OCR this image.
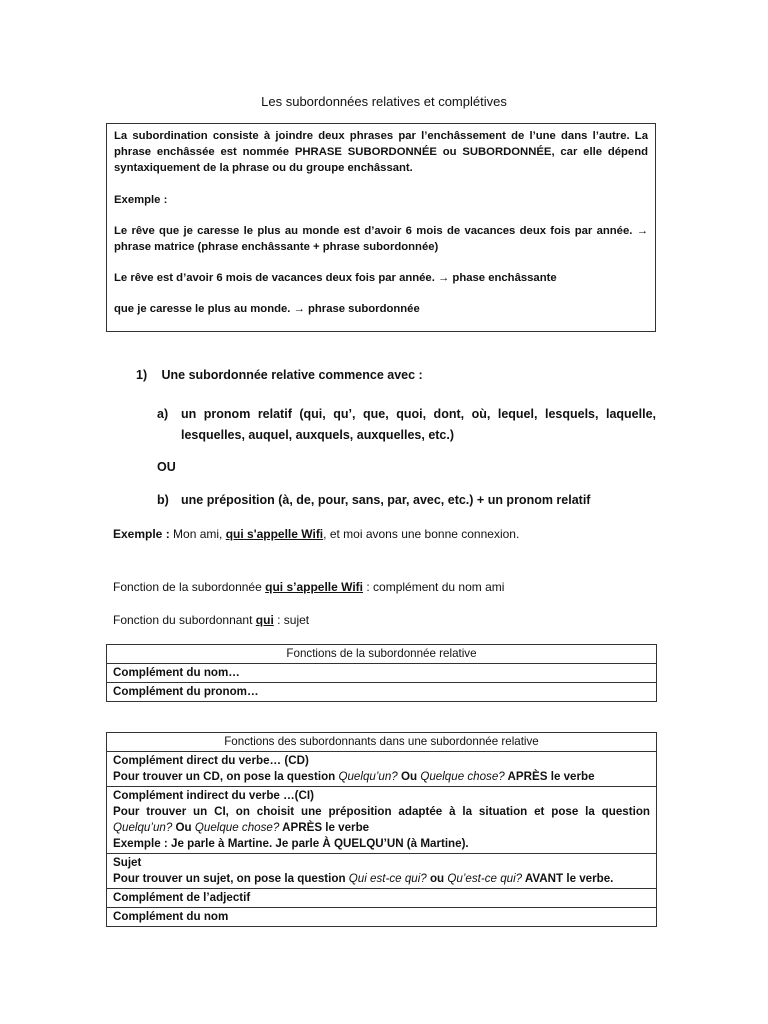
Les subordonnées relatives et complétives

La subordination consiste à joindre deux phrases par l’enchâssement de l’une dans l’autre. La phrase enchâssée est nommée PHRASE SUBORDONNÉE ou SUBORDONNÉE, car elle dépend syntaxiquement de la phrase ou du groupe enchâssant.

Exemple :

Le rêve que je caresse le plus au monde est d’avoir 6 mois de vacances deux fois par année. → phrase matrice (phrase enchâssante + phrase subordonnée)

Le rêve est d’avoir 6 mois de vacances deux fois par année. → phase enchâssante

que je caresse le plus au monde. → phrase subordonnée

1) Une subordonnée relative commence avec :
a) un pronom relatif (qui, qu’, que, quoi, dont, où, lequel, lesquels, laquelle, lesquelles, auquel, auxquels, auxquelles, etc.)
OU
b) une préposition (à, de, pour, sans, par, avec, etc.) + un pronom relatif
Exemple : Mon ami, qui s'appelle Wifi, et moi avons une bonne connexion.
Fonction de la subordonnée qui s’appelle Wifi : complément du nom ami
Fonction du subordonnant qui : sujet
Fonctions de la subordonnée relative
Complément du nom…
Complément du pronom…
Fonctions des subordonnants dans une subordonnée relative

Complément direct du verbe… (CD)
Pour trouver un CD, on pose la question Quelqu’un? Ou Quelque chose? APRÈS le verbe

Complément indirect du verbe …(CI)
Pour trouver un CI, on choisit une préposition adaptée à la situation et pose la question
Quelqu’un? Ou Quelque chose? APRÈS le verbe
Exemple : Je parle à Martine. Je parle À QUELQU’UN (à Martine).

Sujet
Pour trouver un sujet, on pose la question Qui est-ce qui? ou Qu’est-ce qui? AVANT le verbe.

Complément de l’adjectif
Complément du nom
